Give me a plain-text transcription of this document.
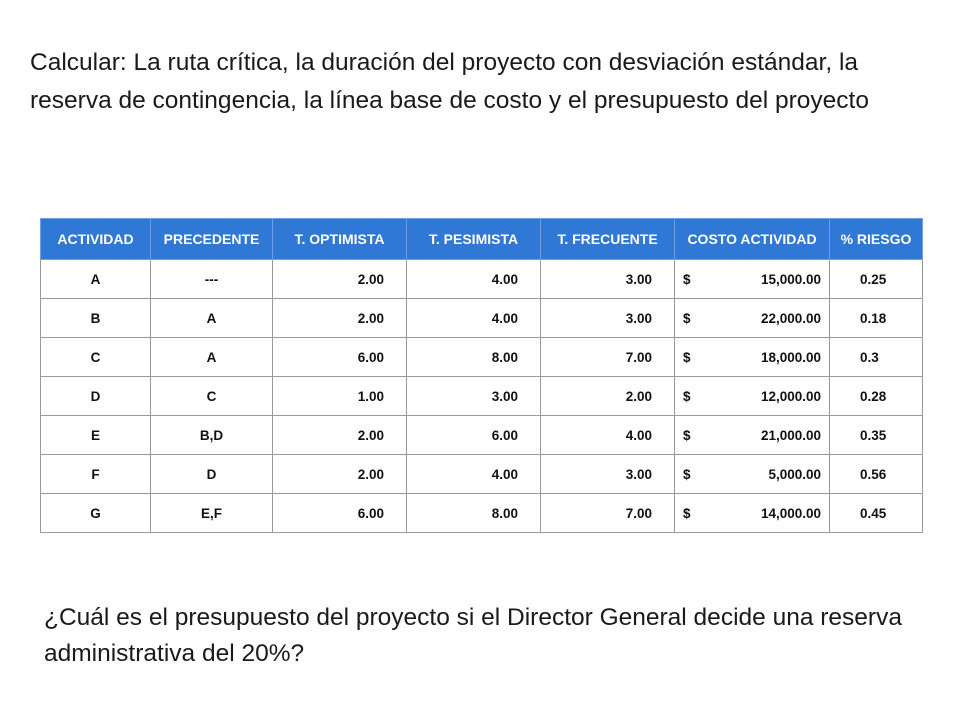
Calcular: La ruta crítica, la duración del proyecto con desviación estándar, la reserva de contingencia, la línea base de costo y el presupuesto del proyecto

ACTIVIDAD	PRECEDENTE	T. OPTIMISTA	T. PESIMISTA	T. FRECUENTE	COSTO ACTIVIDAD	% RIESGO
A	---	2.00	4.00	3.00	$ 15,000.00	0.25
B	A	2.00	4.00	3.00	$ 22,000.00	0.18
C	A	6.00	8.00	7.00	$ 18,000.00	0.3
D	C	1.00	3.00	2.00	$ 12,000.00	0.28
E	B,D	2.00	6.00	4.00	$ 21,000.00	0.35
F	D	2.00	4.00	3.00	$ 5,000.00	0.56
G	E,F	6.00	8.00	7.00	$ 14,000.00	0.45

¿Cuál es el presupuesto del proyecto si el Director General decide una reserva administrativa del 20%?
